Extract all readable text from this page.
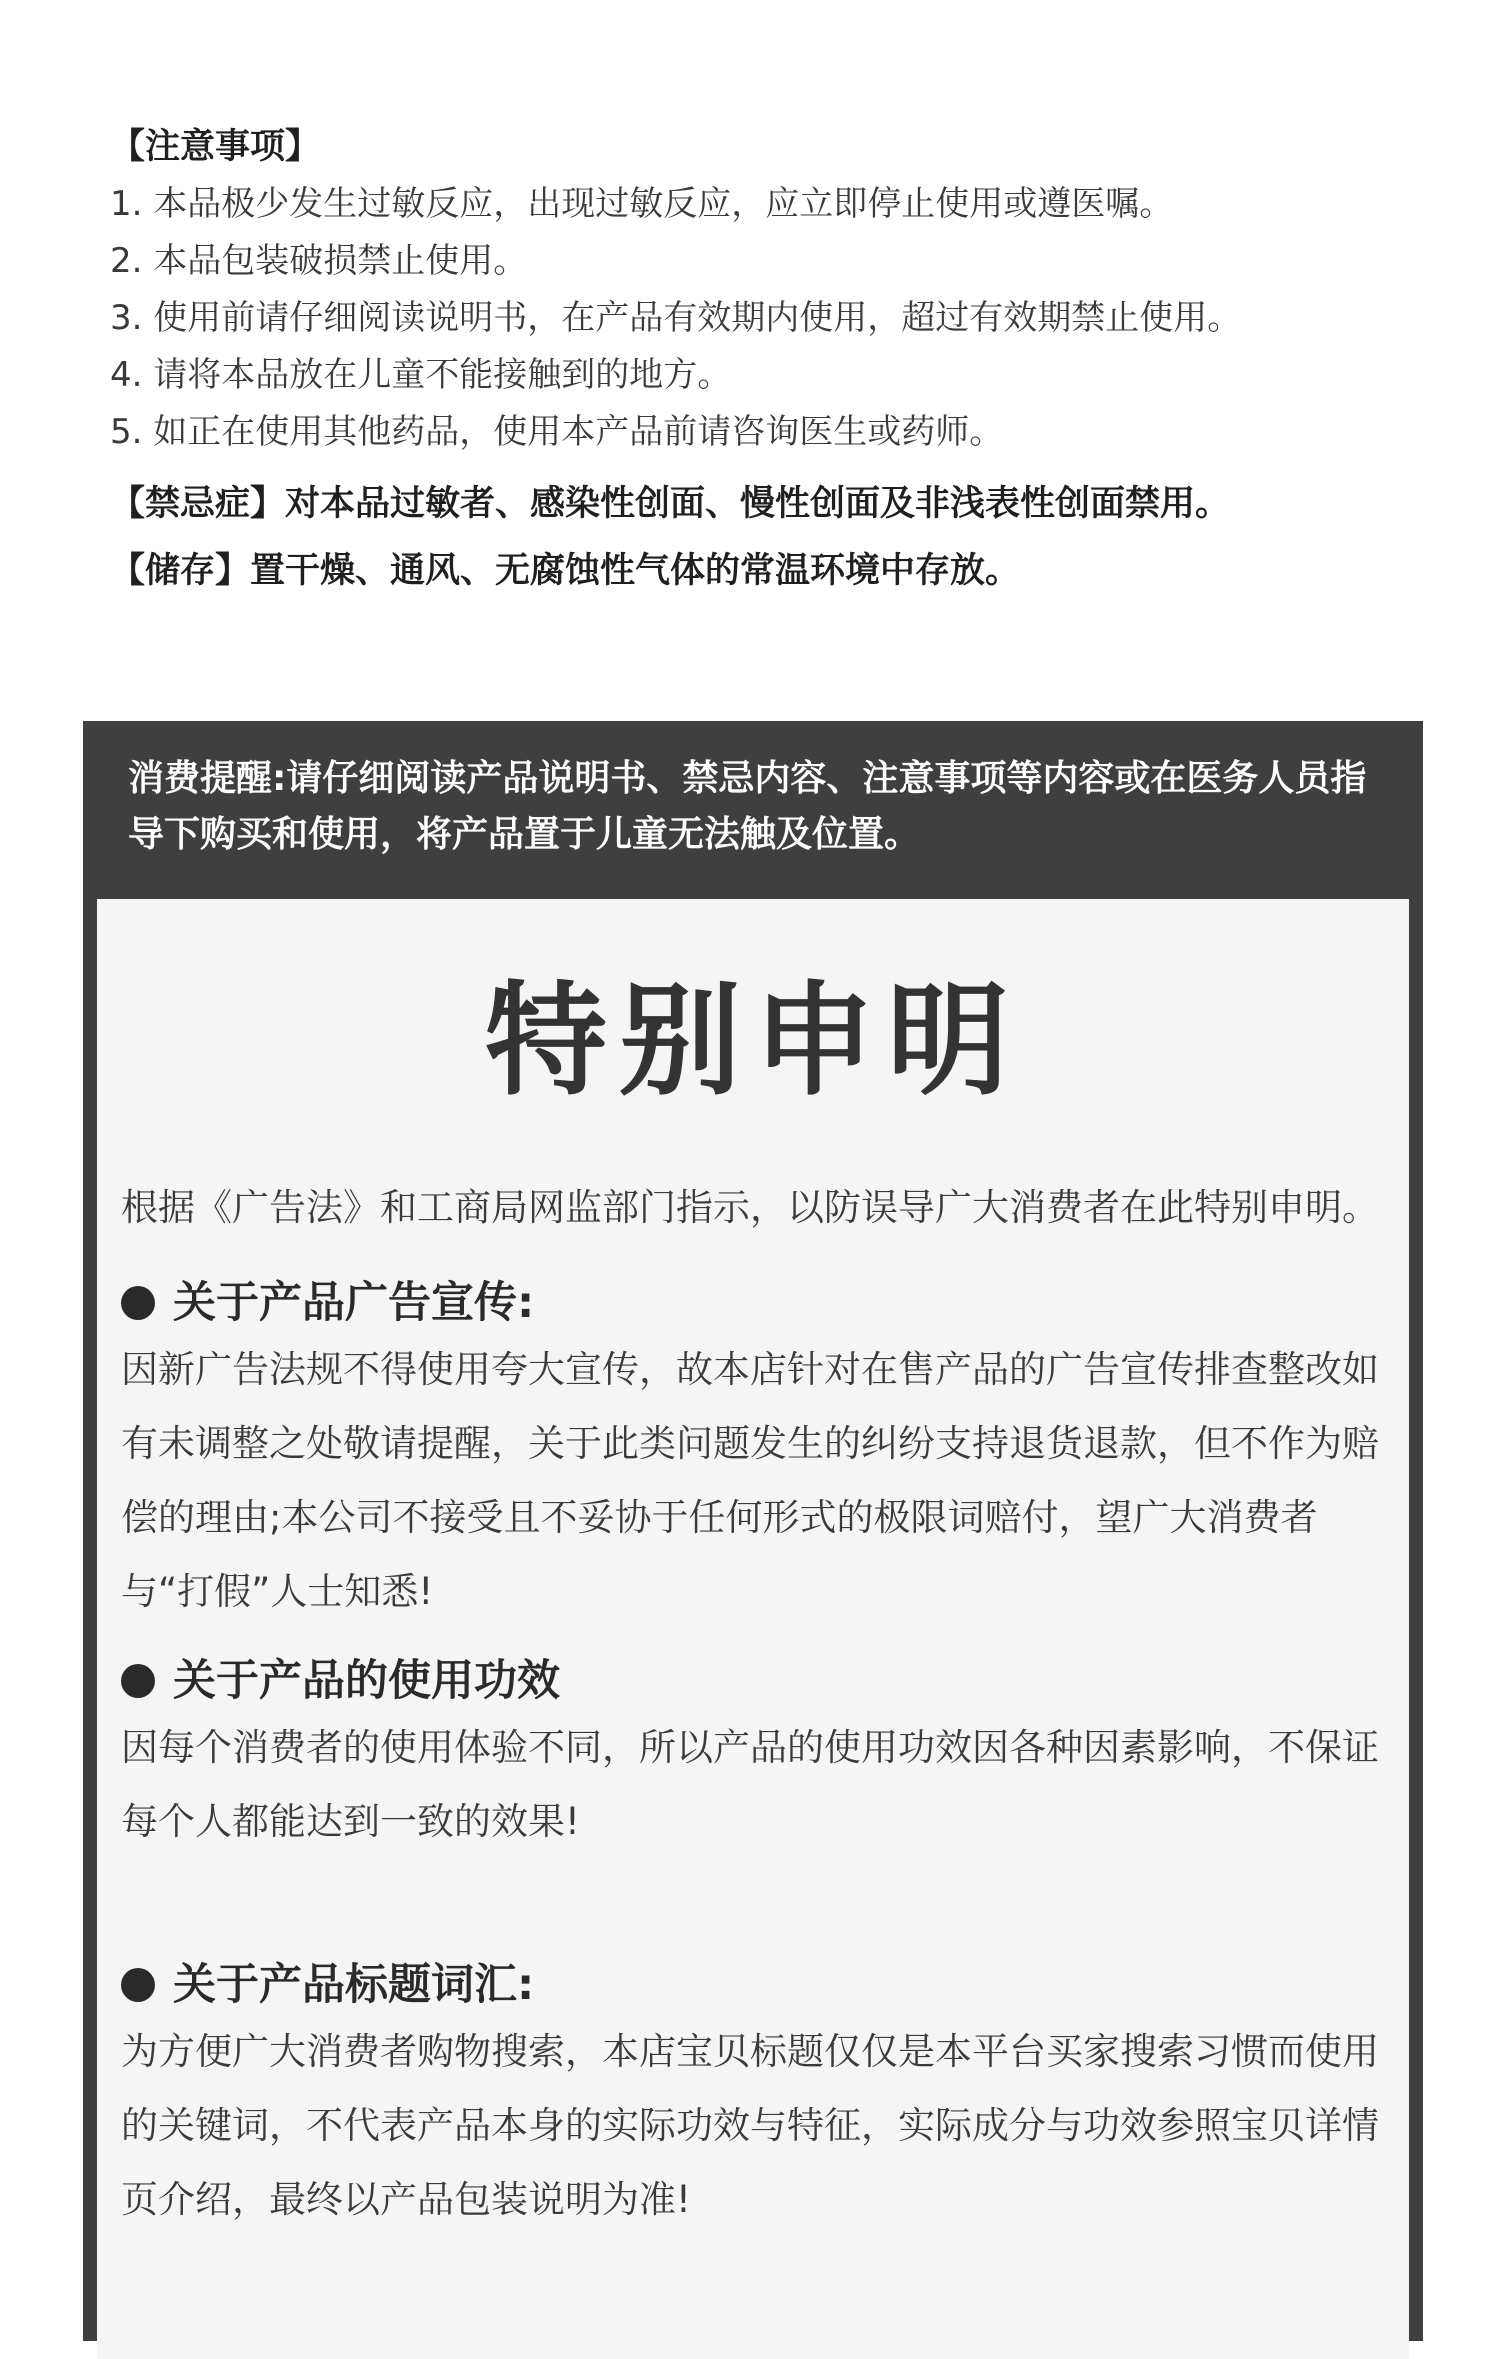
【注意事项】
1. 本品极少发生过敏反应，出现过敏反应，应立即停止使用或遵医嘱。
2. 本品包装破损禁止使用。
3. 使用前请仔细阅读说明书，在产品有效期内使用，超过有效期禁止使用。
4. 请将本品放在儿童不能接触到的地方。
5. 如正在使用其他药品，使用本产品前请咨询医生或药师。
【禁忌症】对本品过敏者、感染性创面、慢性创面及非浅表性创面禁用。
【储存】置干燥、通风、无腐蚀性气体的常温环境中存放。
消费提醒:请仔细阅读产品说明书、禁忌内容、注意事项等内容或在医务人员指导下购买和使用，将产品置于儿童无法触及位置。
特别申明
根据《广告法》和工商局网监部门指示，以防误导广大消费者在此特别申明。
关于产品广告宣传:
因新广告法规不得使用夸大宣传，故本店针对在售产品的广告宣传排查整改如有未调整之处敬请提醒，关于此类问题发生的纠纷支持退货退款，但不作为赔偿的理由;本公司不接受且不妥协于任何形式的极限词赔付，望广大消费者与“打假”人士知悉!
关于产品的使用功效
因每个消费者的使用体验不同，所以产品的使用功效因各种因素影响，不保证每个人都能达到一致的效果!
关于产品标题词汇:
为方便广大消费者购物搜索，本店宝贝标题仅仅是本平台买家搜索习惯而使用的关键词，不代表产品本身的实际功效与特征，实际成分与功效参照宝贝详情页介绍，最终以产品包装说明为准!
